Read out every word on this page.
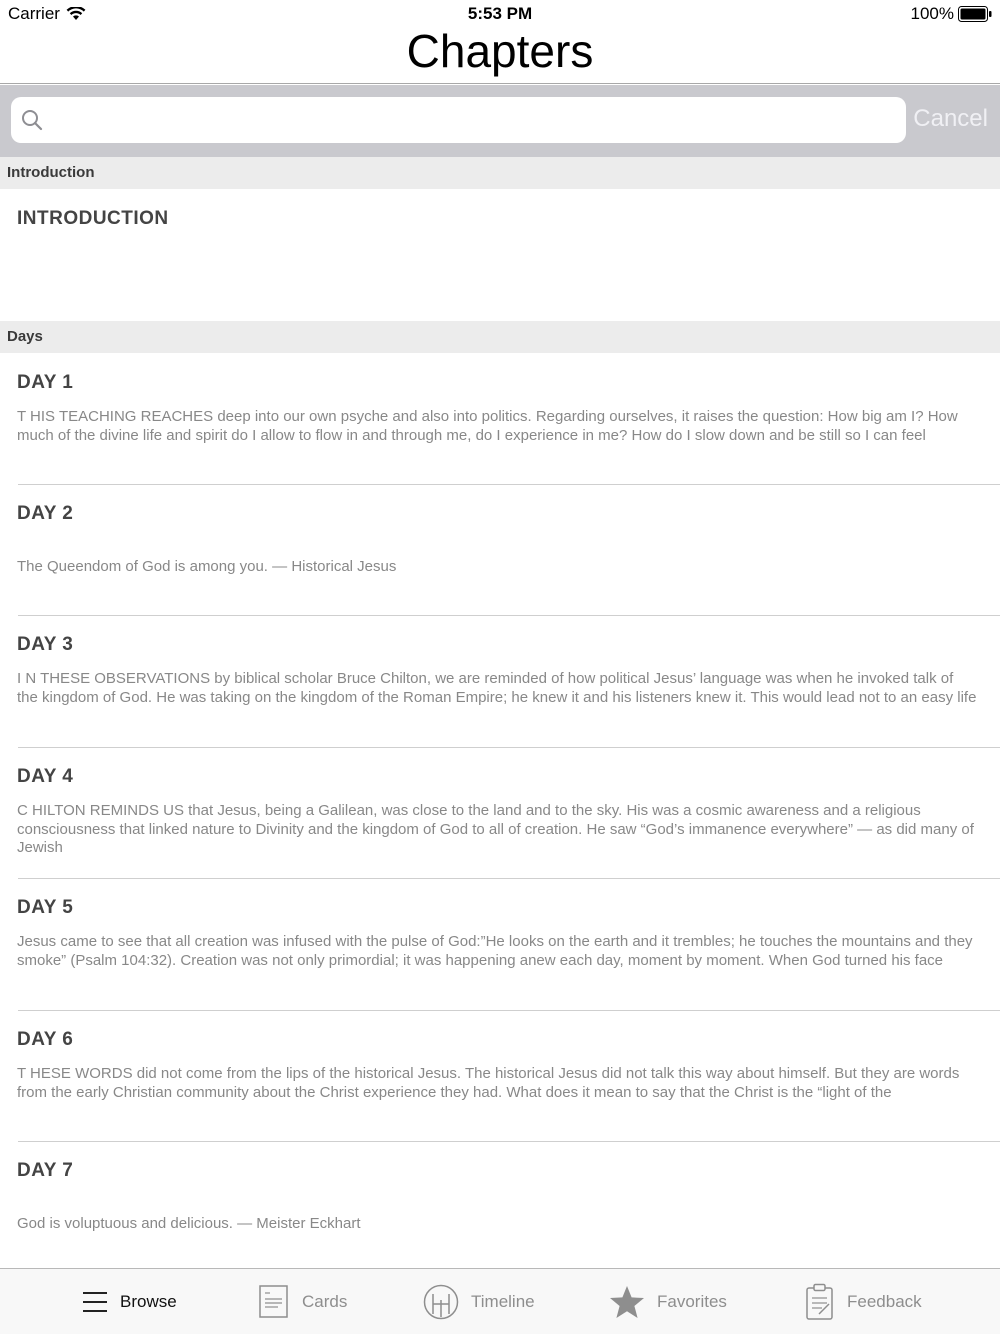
Carrier	5:53 PM	100%
Chapters
Cancel
Introduction
INTRODUCTION
Days
DAY 1
T HIS TEACHING REACHES deep into our own psyche and also into politics. Regarding ourselves, it raises the question: How big am I? How much of the divine life and spirit do I allow to flow in and through me, do I experience in me? How do I slow down and be still so I can feel
DAY 2
The Queendom of God is among you. — Historical Jesus
DAY 3
I N THESE OBSERVATIONS by biblical scholar Bruce Chilton, we are reminded of how political Jesus’ language was when he invoked talk of the kingdom of God. He was taking on the kingdom of the Roman Empire; he knew it and his listeners knew it. This would lead not to an easy life
DAY 4
C HILTON REMINDS US that Jesus, being a Galilean, was close to the land and to the sky. His was a cosmic awareness and a religious consciousness that linked nature to Divinity and the kingdom of God to all of creation. He saw “God’s immanence everywhere” — as did many of Jewish
DAY 5
Jesus came to see that all creation was infused with the pulse of God:”He looks on the earth and it trembles; he touches the mountains and they smoke” (Psalm 104:32). Creation was not only primordial; it was happening anew each day, moment by moment. When God turned his face
DAY 6
T HESE WORDS did not come from the lips of the historical Jesus. The historical Jesus did not talk this way about himself. But they are words from the early Christian community about the Christ experience they had. What does it mean to say that the Christ is the “light of the
DAY 7
God is voluptuous and delicious. — Meister Eckhart
Browse	Cards	Timeline	Favorites	Feedback
